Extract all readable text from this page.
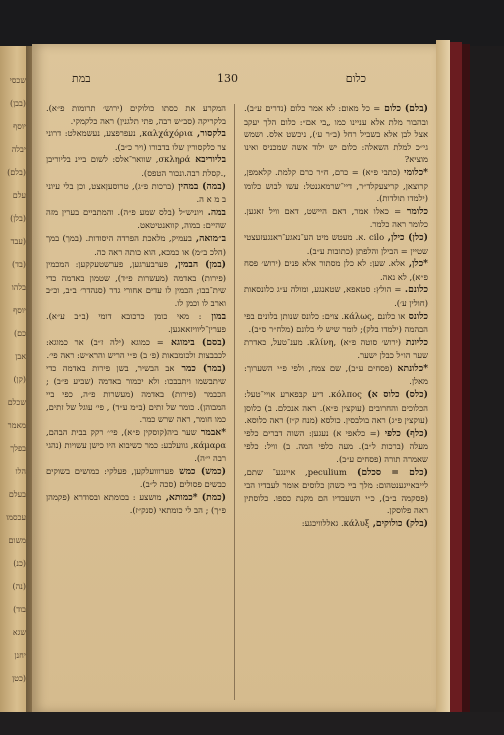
שכסי
(בבן)
יוסף
יבלה
(בלם)
עלם
(בלן)
(עבד
(בד)
בלהו
יוסף
כם)
אבן
(קן)
שכלם
מאמר
בפלך
הלו
בעלם
עכסמו
משום
(כנ)
(נה)
בוד)
שגא
יחנן
(כטן
כלום
130
במת

(בלם) כלום = כל מאום: לא אמר כלום (נדרים ע״ב). ובהבור מלת אלא עניינו כמו „בי אם״: כלום הלך יעקב אצל לבן אלא בשביל רחל (ב״ר ע׳), ניכשט אלס. ושמש גי״כ למלת השאלה: כלום יש ילוד אשה שמכניס ואינו מוציא?

*כלומי (כתבי פ״א) = כרם, ח״ר כרם קלמת. קלאמפן, קרוצאן, קריצעקלד״ר, דיי־שרמאגנטל: עשו לבוש כלומו (ילמדו תולדות).

כלומר = כאלו אמר, דאם היישט, דאם וויל זאגען. כלומר ראה כלמר.

(כלן) כילן, cilo .א. מעטש מיט הע־נאגע־ראנגעזעצטי שטיין = הבילן והלפתן (כתובות ע״ב).

*כלן, אלא. שען: לא כלן מסתור אלא פנים (ירוש׳ פסח פ״א), לא נאה.

כלונם. = הולץ: סטאפא, שטאנגע, ומולה ע״ג כלונסאות (חולין ע׳).

כלונס או כלונם ,κάλως. צוים: כלונס שנותן בלונים בפי הבהמה (ילמדו בלק); לומר שיש לי בלונם (מלח״ר ס״ב).

כליונת (ירוש׳ סוטה פ״א) ,κλίνη. מענ־טעל, כאדרת שער הו״ל כבלן ישער.

*כלונתא (פסחים ע״ב), שם צמח, ולפי פ״י השערוך: מאלן.

(כלס) כלוס א) κόλπος. דיע קבּפארע אויי־טעל: הכלוכים והחרובים (עוקצין פ״א). ראה אנכלם. ב) כלוסן (עוקצין פ״ג) ראה בולבסין. כולסא (מנח ק״ז) ראה כלוסא.

(כלף) כלפי (= כלאפי א) נעגען: השוה דברים כלפי מעלה (ברכות ל״ב). מעה כלפי המה. ב) וויל: כלפי שאמרה תורה (פסחים ע״ב).

(כלם = סכלם) peculium, איינגע־ שתם, לייבאייגענטהום: מלך ביי כשהן כלוסים אומר לעבדיו הבי (פסקמה ב״ב), כ״י השעבדיו הם מקנת כספו. כלוסתין ראה פלוסקן.

(בלק) כולוקים, κάλυξ. גאללוויכגע:

המקרע את כסתו כולוקים (ירוש׳ תרומות פ״א). בלקריקה (סב״ש רבה, פתי תלגנין) ראה כלקמקי.

בלקסור, καλχάχόρια, נעפרפצע, נעשמאלט: דרוני צר כלקסורין שלו בדבורו (ויר כ״ב).

בליוריבא σκληρά, שוואר־אלס: לשום ביינ בליוריבן ,.קסלת רבה.ונכור הטפס).

(במה) במהין (ברכות פ״ג), טרוסעןאצט, וכן בלי עיוני ב מ א ה.

במה. ויוניש״ל (בלס שמע פ״ה). והמתביים בערין מזה שהיים: במוה, קוואנטיטאט.

ב״מואה, בעמיק, מלאכת הפרדה היסודות. (במך) במך (הלכ ב״מ) או כמכא, הוא כותה ראה כה.

(במן) הבמין, פערבערגען, פערשטעקקען: המכמין (פירות) באדמה (מעשרות פ״ד), שטמון באדמה כדי שית־בבו; הבמין לו עדים אחורי גדר (סנהדר׳ ב״ב, וכ״ב וארב לו וכמן לו.

במון : מאי כומן כרכובא דומי (ב״ב ע״א). פערין־ליוויזאאגען.

(בסם) בימוגא = כמוגא (ילה ז״ב) אר כמוגא: לכבבצות ולכומבאות (פ׳ ב) פ״י הריש והרא״ש: ראה פי׳.

(במר) כמר אב הבשיר, בשן פירות באדמה כדי שיתבשמו ויתבבכו: ולא יכמור באדמה (שביע פ״ב) ; הכבמר (פירות) באדמה (מעשרות פ״ה, כפי ביי המבוהן). כומר של זתים (ב״מ ע״ד) , פי׳ עוגל של זתים, כמו חומר, ראה שרש כמר.

*אבמר שער ביה(קוסקין פ״א), פי׳׳ רקק בבית הבהם, κάμαρα, גוועלבע: כמר כשיבוא היו כישן עשויות (נהגי רבה י״ה).

(כמש) כמש פערווועלקען, פעלקי: כמושים בשוקים כבשים פסולים (סכה ל״ב).

(כמת) *כמותא, מושצע : בכומתא ובסודרא (פקמהן פ״ך) ; הב לי כומתאי (סנק״ז).
